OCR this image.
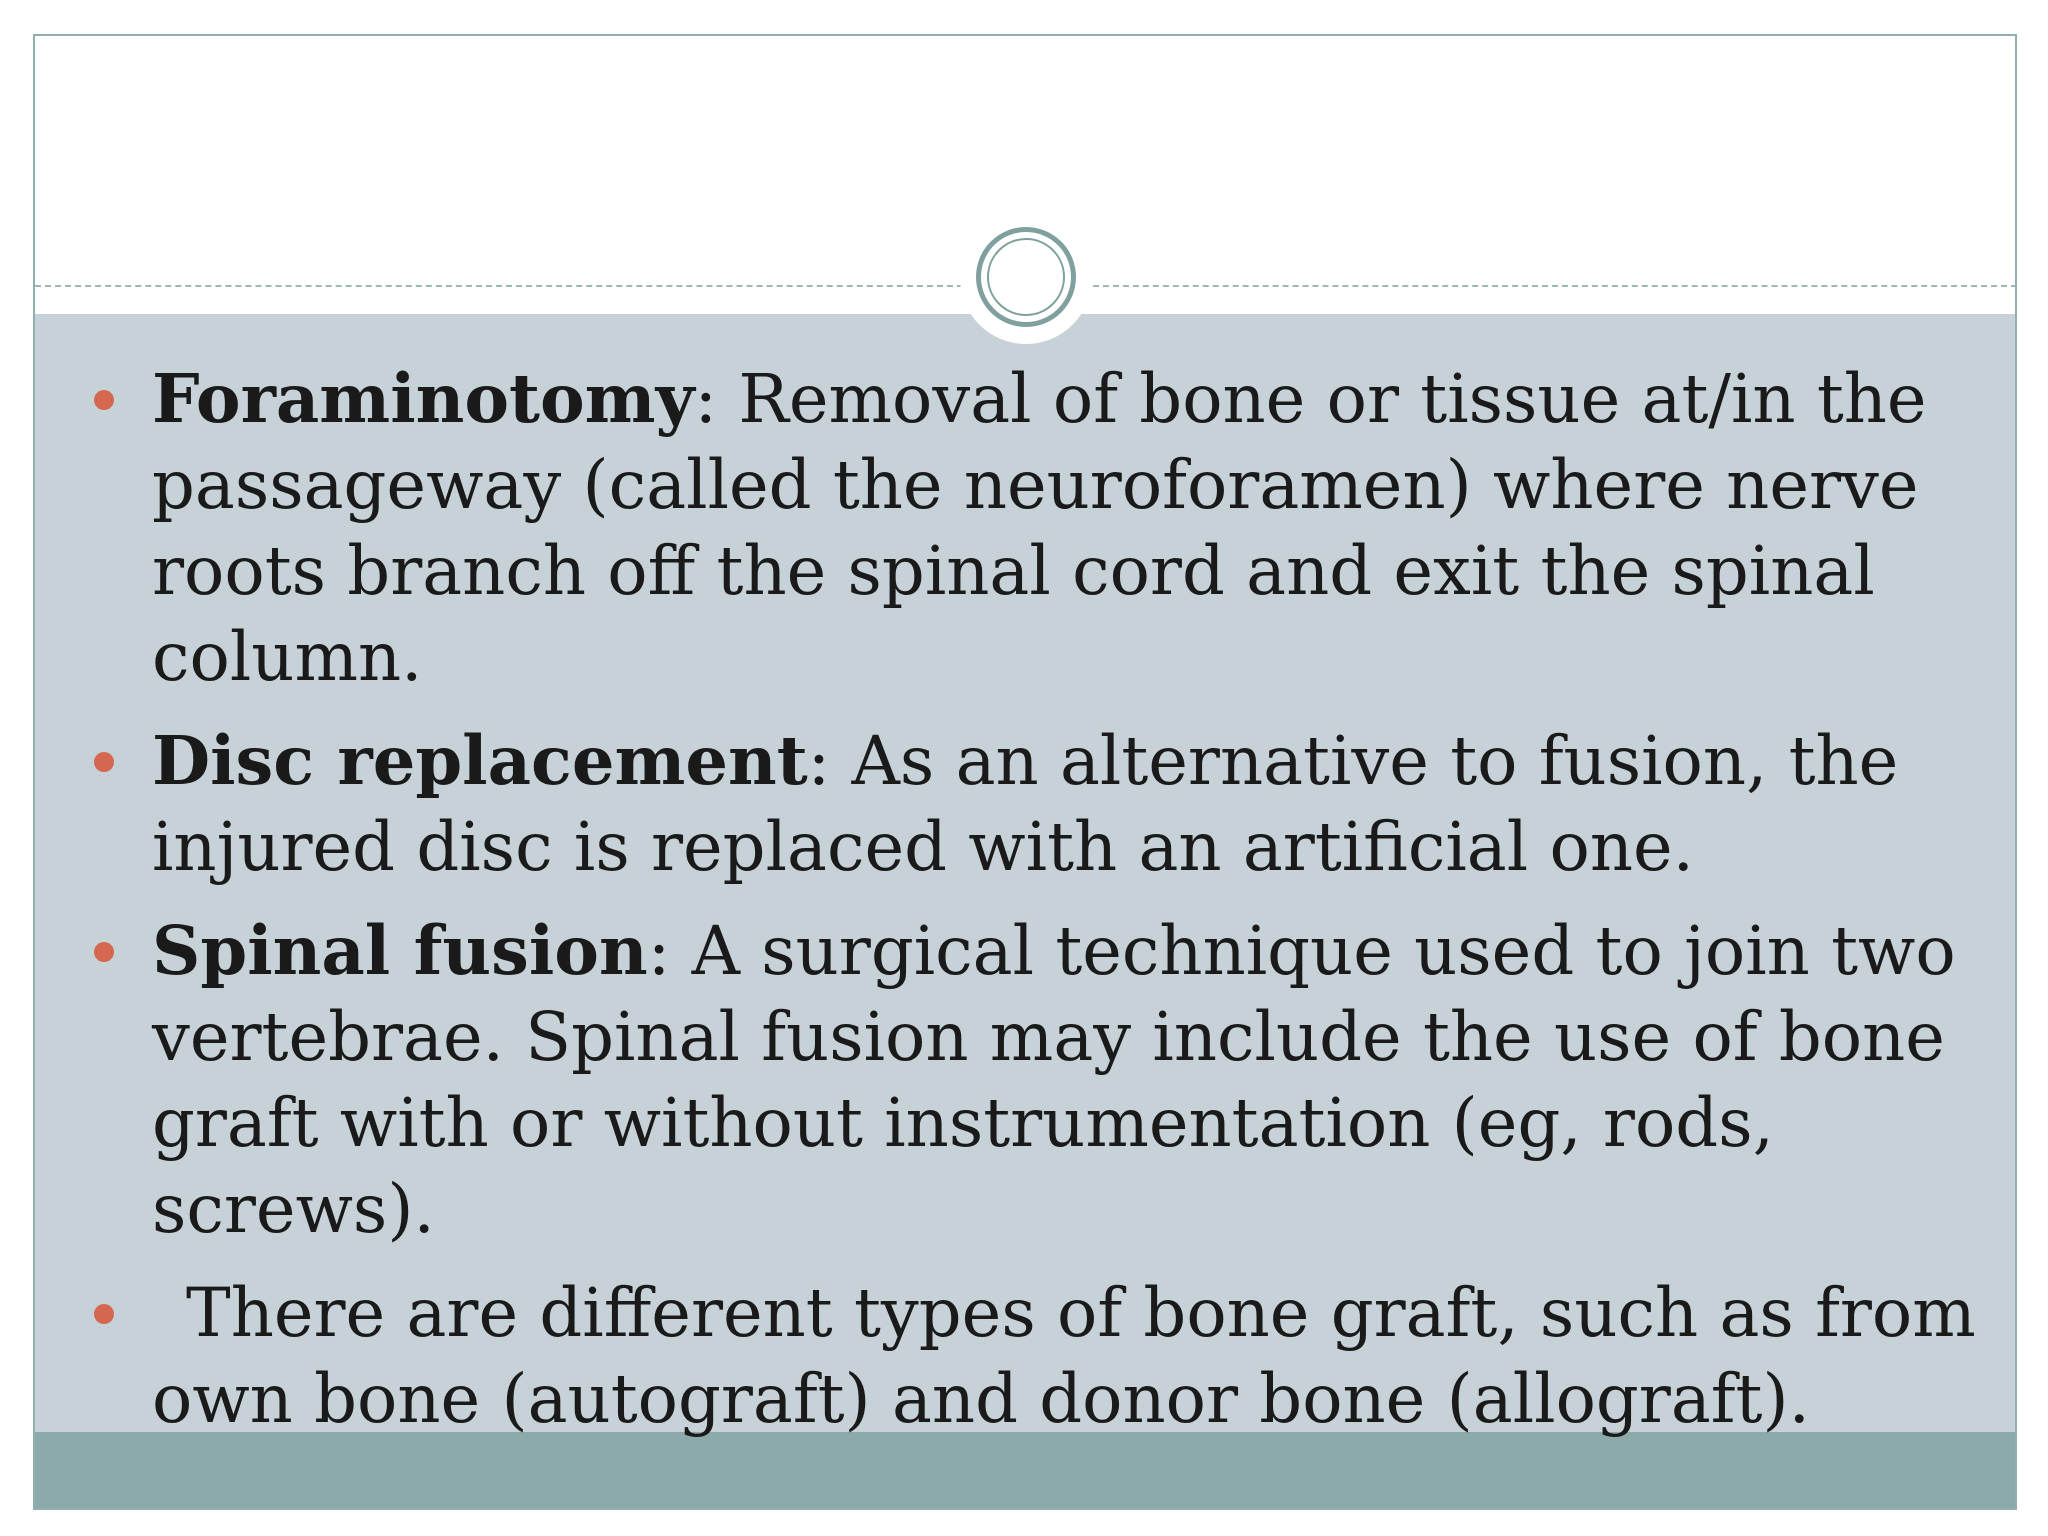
Foraminotomy: Removal of bone or tissue at/in the passageway (called the neuroforamen) where nerve roots branch off the spinal cord and exit the spinal column.
Disc replacement: As an alternative to fusion, the injured disc is replaced with an artificial one.
Spinal fusion: A surgical technique used to join two vertebrae. Spinal fusion may include the use of bone graft with or without instrumentation (eg, rods, screws).
There are different types of bone graft, such as from own bone (autograft) and donor bone (allograft).
